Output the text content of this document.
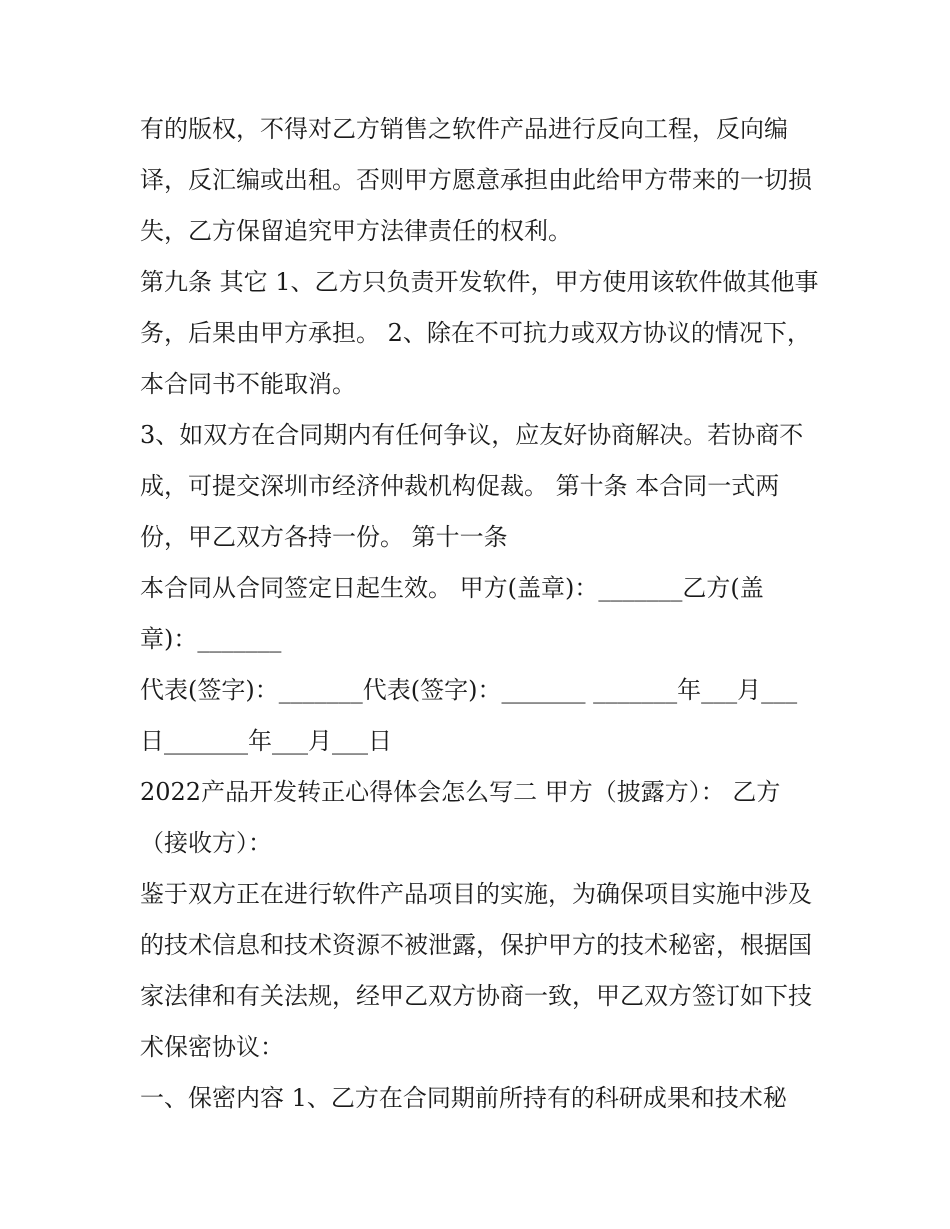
有的版权，不得对乙方销售之软件产品进行反向工程，反向编译，反汇编或出租。否则甲方愿意承担由此给甲方带来的一切损失，乙方保留追究甲方法律责任的权利。

第九条 其它 1、乙方只负责开发软件，甲方使用该软件做其他事务，后果由甲方承担。 2、除在不可抗力或双方协议的情况下，本合同书不能取消。

3、如双方在合同期内有任何争议，应友好协商解决。若协商不成，可提交深圳市经济仲裁机构促裁。 第十条 本合同一式两份，甲乙双方各持一份。 第十一条

本合同从合同签定日起生效。 甲方(盖章)：_______乙方(盖章)：_______

代表(签字)：_______代表(签字)：_______ _______年___月___日_______年___月___日

2022产品开发转正心得体会怎么写二 甲方（披露方）： 乙方（接收方）：

鉴于双方正在进行软件产品项目的实施，为确保项目实施中涉及的技术信息和技术资源不被泄露，保护甲方的技术秘密，根据国家法律和有关法规，经甲乙双方协商一致，甲乙双方签订如下技术保密协议：

一、保密内容 1、乙方在合同期前所持有的科研成果和技术秘
